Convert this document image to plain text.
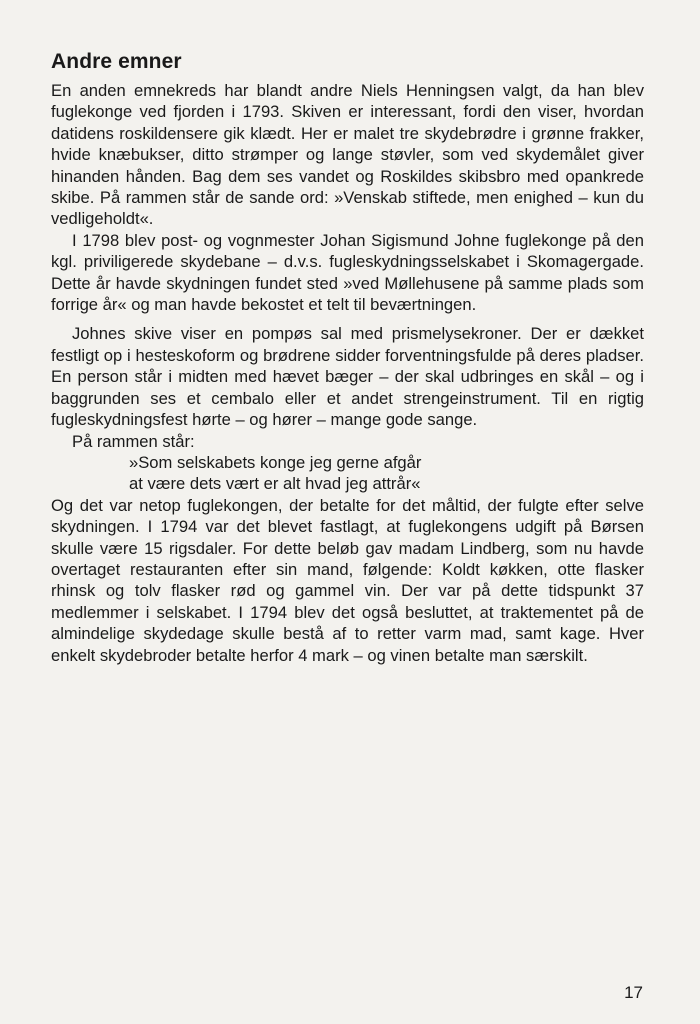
Andre emner

En anden emnekreds har blandt andre Niels Henningsen valgt, da han blev fuglekonge ved fjorden i 1793. Skiven er interessant, fordi den viser, hvordan datidens roskildensere gik klædt. Her er malet tre skydebrødre i grønne frakker, hvide knæbukser, ditto strømper og lange støvler, som ved skydemålet giver hinanden hånden. Bag dem ses vandet og Roskildes skibsbro med opankrede skibe. På rammen står de sande ord: »Venskab stiftede, men enighed – kun du vedligeholdt«.

I 1798 blev post- og vognmester Johan Sigismund Johne fuglekonge på den kgl. priviligerede skydebane – d.v.s. fugleskydningsselskabet i Skomagergade. Dette år havde skydningen fundet sted »ved Møllehusene på samme plads som forrige år« og man havde bekostet et telt til beværtningen.

Johnes skive viser en pompøs sal med prismelysekroner. Der er dækket festligt op i hesteskoform og brødrene sidder forventningsfulde på deres pladser. En person står i midten med hævet bæger – der skal udbringes en skål – og i baggrunden ses et cembalo eller et andet strengeinstrument. Til en rigtig fugleskydningsfest hørte – og hører – mange gode sange.

På rammen står:

»Som selskabets konge jeg gerne afgår

at være dets vært er alt hvad jeg attrår«

Og det var netop fuglekongen, der betalte for det måltid, der fulgte efter selve skydningen. I 1794 var det blevet fastlagt, at fuglekongens udgift på Børsen skulle være 15 rigsdaler. For dette beløb gav madam Lindberg, som nu havde overtaget restauranten efter sin mand, følgende: Koldt køkken, otte flasker rhinsk og tolv flasker rød og gammel vin. Der var på dette tidspunkt 37 medlemmer i selskabet. I 1794 blev det også besluttet, at traktementet på de almindelige skydedage skulle bestå af to retter varm mad, samt kage. Hver enkelt skydebroder betalte herfor 4 mark – og vinen betalte man særskilt.

17
